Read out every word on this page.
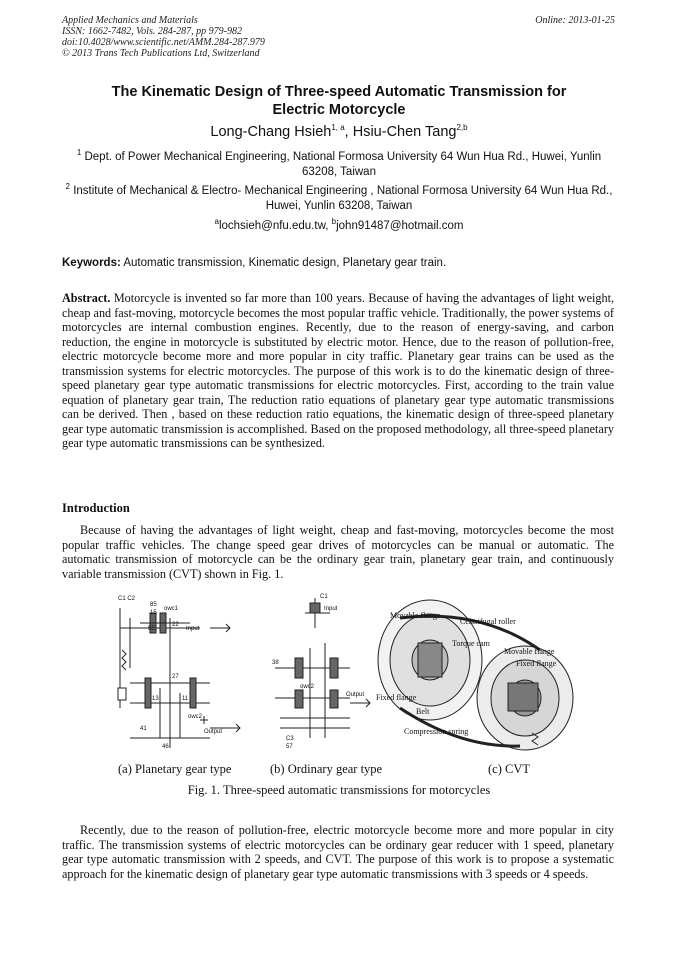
Applied Mechanics and Materials
ISSN: 1662-7482, Vols. 284-287, pp 979-982
doi:10.4028/www.scientific.net/AMM.284-287.979
© 2013 Trans Tech Publications Ltd, Switzerland
Online: 2013-01-25
The Kinematic Design of Three-speed Automatic Transmission for
Electric Motorcycle
Long-Chang Hsieh$^{1, a}$, Hsiu-Chen Tang$^{2,b}$
$^1$ Dept. of Power Mechanical Engineering, National Formosa University 64 Wun Hua Rd., Huwei, Yunlin 63208, Taiwan
$^2$ Institute of Mechanical & Electro- Mechanical Engineering , National Formosa University 64 Wun Hua Rd., Huwei, Yunlin 63208, Taiwan
$^a$lochsieh@nfu.edu.tw, $^b$john91487@hotmail.com
Keywords: Automatic transmission, Kinematic design, Planetary gear train.
Abstract. Motorcycle is invented so far more than 100 years. Because of having the advantages of light weight, cheap and fast-moving, motorcycle becomes the most popular traffic vehicle. Traditionally, the power systems of motorcycles are internal combustion engines. Recently, due to the reason of energy-saving, and carbon reduction, the engine in motorcycle is substituted by electric motor. Hence, due to the reason of pollution-free, electric motorcycle become more and more popular in city traffic. Planetary gear trains can be used as the transmission systems for electric motorcycles. The purpose of this work is to do the kinematic design of three-speed planetary gear type automatic transmissions for electric motorcycles. First, according to the train value equation of planetary gear train, The reduction ratio equations of planetary gear type automatic transmissions can be derived. Then , based on these reduction ratio equations, the kinematic design of three-speed planetary gear type automatic transmission is accomplished. Based on the proposed methodology, all three-speed planetary gear type automatic transmissions can be synthesized.
Introduction
Because of having the advantages of light weight, cheap and fast-moving, motorcycles become the most popular traffic vehicles. The change speed gear drives of motorcycles can be manual or automatic. The automatic transmission of motorcycle can be the ordinary gear train, planetary gear train, and continuously variable transmission (CVT) shown in Fig. 1.
C1 C2
85
15
owc1
55
22
Input
27
13	11
owc2
41
46
Output
C1
Input
38
owc2
Output
C3
57
Movable flange
Centrifugal roller
Torque cam
Movable flange
Fixed flange
Fixed flange
Belt
Compression spring
(a) Planetary gear type	(b) Ordinary gear type	(c) CVT
Fig. 1. Three-speed automatic transmissions for motorcycles
Recently, due to the reason of pollution-free, electric motorcycle become more and more popular in city traffic. The transmission systems of electric motorcycles can be ordinary gear reducer with 1 speed, planetary gear type automatic transmission with 2 speeds, and CVT. The purpose of this work is to propose a systematic approach for the kinematic design of planetary gear type automatic transmissions with 3 speeds or 4 speeds.
